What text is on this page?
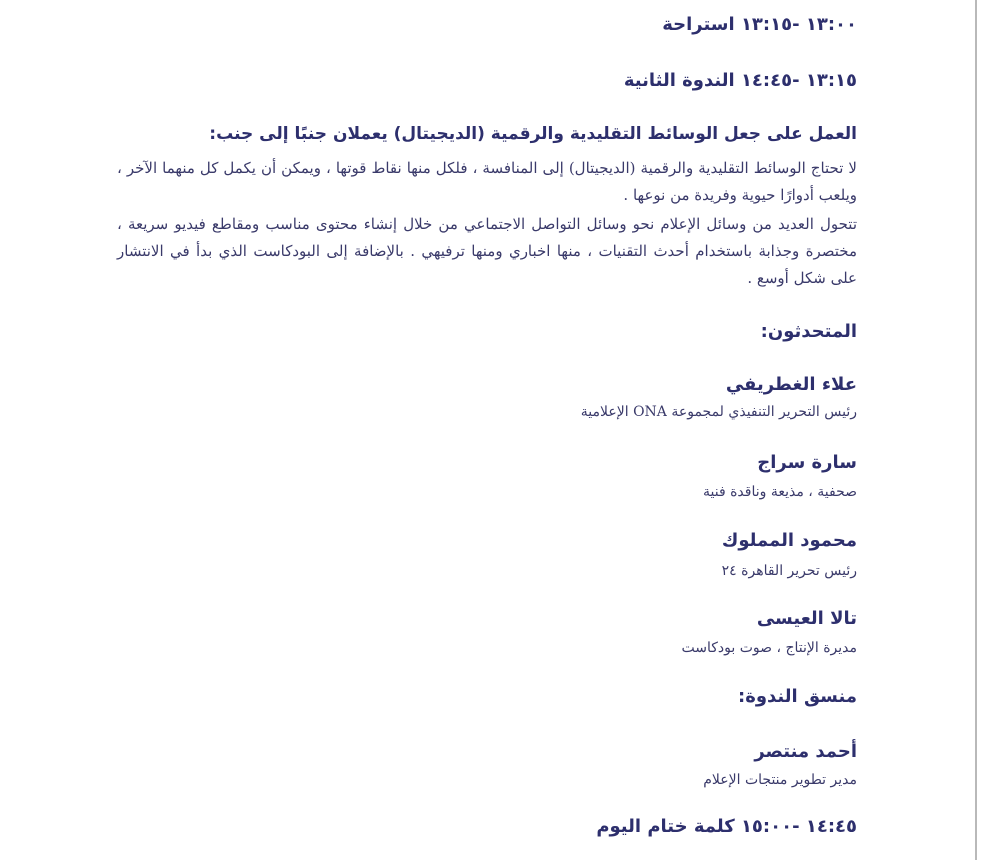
١٣:٠٠ -١٣:١٥ استراحة

١٣:١٥ -١٤:٤٥ الندوة الثانية

العمل على جعل الوسائط التقليدية والرقمية (الديجيتال) يعملان جنبًا إلى جنب:

لا تحتاج الوسائط التقليدية والرقمية (الديجيتال) إلى المنافسة ، فلكل منها نقاط قوتها ، ويمكن أن يكمل كل منهما الآخر ، ويلعب أدوارًا حيوية وفريدة من نوعها .

تتحول العديد من وسائل الإعلام نحو وسائل التواصل الاجتماعي من خلال إنشاء محتوى مناسب ومقاطع فيديو سريعة ، مختصرة وجذابة باستخدام أحدث التقنيات ، منها اخباري ومنها ترفيهي . بالإضافة إلى البودكاست الذي بدأ في الانتشار على شكل أوسع .

المتحدثون:

علاء الغطريفي

رئيس التحرير التنفيذي لمجموعة ONA الإعلامية

سارة سراج

صحفية ، مذيعة وناقدة فنية

محمود المملوك

رئيس تحرير القاهرة ٢٤

تالا العيسى

مديرة الإنتاج ، صوت بودكاست

منسق الندوة:

أحمد منتصر

مدير تطوير منتجات الإعلام

١٤:٤٥ -١٥:٠٠ كلمة ختام اليوم
